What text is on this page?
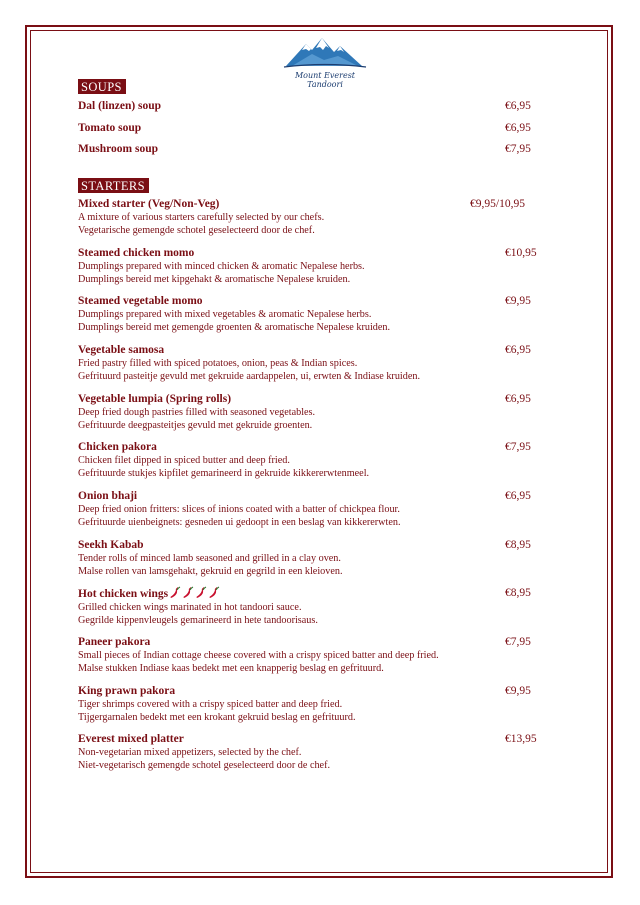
Mount Everest
Tandoori
SOUPS
Dal (linzen) soup	€6,95
Tomato soup	€6,95
Mushroom soup	€7,95
STARTERS
Mixed starter (Veg/Non-Veg)	€9,95/10,95
A mixture of various starters carefully selected by our chefs.
Vegetarische gemengde schotel geselecteerd door de chef.
Steamed chicken momo	€10,95
Dumplings prepared with minced chicken & aromatic Nepalese herbs.
Dumplings bereid met kipgehakt & aromatische Nepalese kruiden.
Steamed vegetable momo	€9,95
Dumplings prepared with mixed vegetables & aromatic Nepalese herbs.
Dumplings bereid met gemengde groenten & aromatische Nepalese kruiden.
Vegetable samosa	€6,95
Fried pastry filled with spiced potatoes, onion, peas & Indian spices.
Gefrituurd pasteitje gevuld met gekruide aardappelen, ui, erwten & Indiase kruiden.
Vegetable lumpia (Spring rolls)	€6,95
Deep fried dough pastries filled with seasoned vegetables.
Gefrituurde deegpasteitjes gevuld met gekruide groenten.
Chicken pakora	€7,95
Chicken filet dipped in spiced butter and deep fried.
Gefrituurde stukjes kipfilet gemarineerd in gekruide kikkererwtenmeel.
Onion bhaji	€6,95
Deep fried onion fritters: slices of inions coated with a batter of chickpea flour.
Gefrituurde uienbeignets: gesneden ui gedoopt in een beslag van kikkererwten.
Seekh Kabab	€8,95
Tender rolls of minced lamb seasoned and grilled in a clay oven.
Malse rollen van lamsgehakt, gekruid en gegrild in een kleioven.
Hot chicken wings	€8,95
Grilled chicken wings marinated in hot tandoori sauce.
Gegrilde kippenvleugels gemarineerd in hete tandoorisaus.
Paneer pakora	€7,95
Small pieces of Indian cottage cheese covered with a crispy spiced batter and deep fried.
Malse stukken Indiase kaas bedekt met een knapperig beslag en gefrituurd.
King prawn pakora	€9,95
Tiger shrimps covered with a crispy spiced batter and deep fried.
Tijgergarnalen bedekt met een krokant gekruid beslag en gefrituurd.
Everest mixed platter	€13,95
Non-vegetarian mixed appetizers, selected by the chef.
Niet-vegetarisch gemengde schotel geselecteerd door de chef.
